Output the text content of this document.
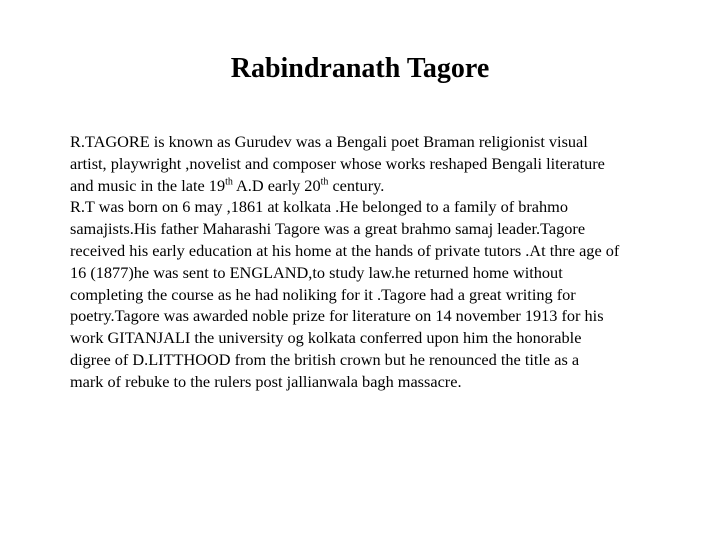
Rabindranath Tagore

R.TAGORE is known as Gurudev was a Bengali poet Braman religionist visual
artist, playwright ,novelist and composer whose works reshaped Bengali literature
and music in the late 19th A.D early 20th century.

R.T was born on 6 may ,1861 at kolkata .He belonged to a family of brahmo
samajists.His father Maharashi Tagore was a great brahmo samaj leader.Tagore
received his early education at his home at the hands of private tutors .At thre age of
16 (1877)he was sent to ENGLAND,to study law.he returned home without
completing the course as he had noliking for it .Tagore had a great writing for
poetry.Tagore was awarded noble prize for literature on 14 november 1913 for his
work GITANJALI the university og kolkata conferred upon him the honorable
digree of D.LITTHOOD from the british crown but he renounced the title as a
mark of rebuke to the rulers post jallianwala bagh massacre.
